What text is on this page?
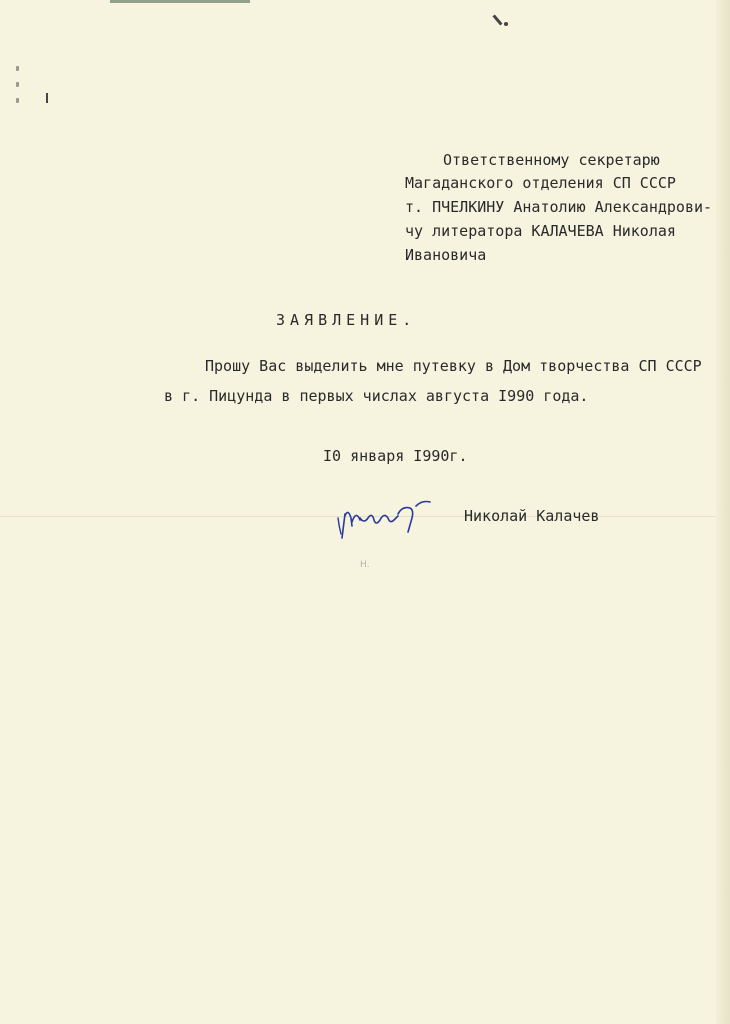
Ответственному секретарю
Магаданского отделения СП СССР
т. ПЧЕЛКИНУ Анатолию Александрови-
чу литератора КАЛАЧЕВА Николая
Ивановича
ЗАЯВЛЕНИЕ.
Прошу Вас выделить мне путевку в Дом творчества СП СССР
в г. Пицунда в первых числах августа I990 года.
I0 января I990г.
Николай Калачев
Н.
